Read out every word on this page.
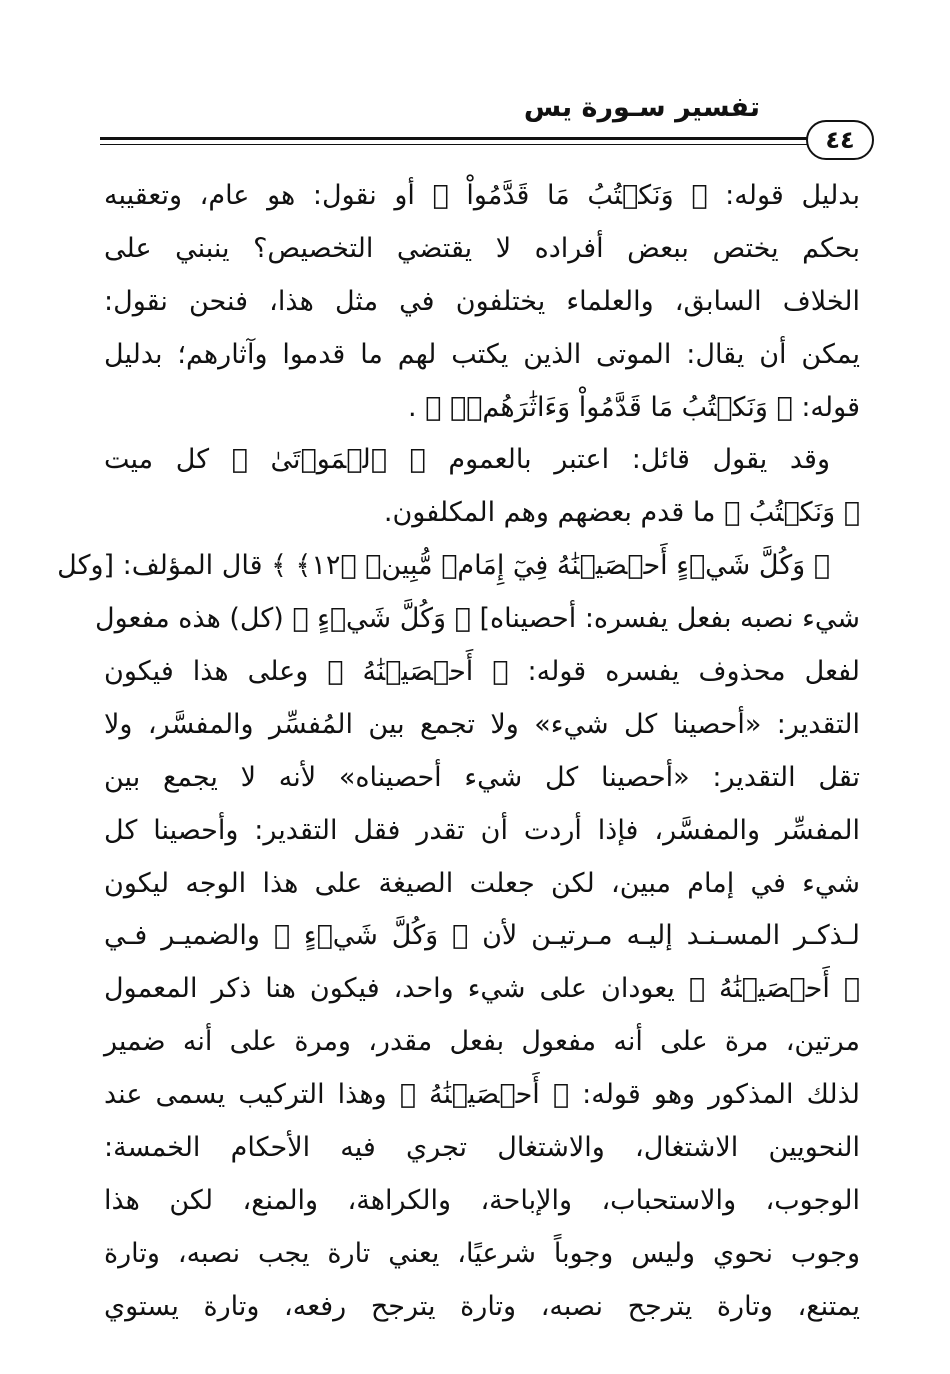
تفسير سـورة يس
٤٤
بدليل قوله: ﴿ وَنَكۡتُبُ مَا قَدَّمُواْ ﴾ أو نقول: هو عام، وتعقيبه
بحكم يختص ببعض أفراده لا يقتضي التخصيص؟ ينبني على
الخلاف السابق، والعلماء يختلفون في مثل هذا، فنحن نقول:
يمكن أن يقال: الموتى الذين يكتب لهم ما قدموا وآثارهم؛ بدليل
قوله: ﴿ وَنَكۡتُبُ مَا قَدَّمُواْ وَءَاثَٰرَهُمۡۚ ﴾ .
وقد يقول قائل: اعتبر بالعموم ﴿ ٱلۡمَوۡتَىٰ ﴾ كل ميت
﴿ وَنَكۡتُبُ ﴾ ما قدم بعضهم وهم المكلفون.
﴿ وَكُلَّ شَيۡءٍ أَحۡصَيۡنَٰهُ فِيٓ إِمَامٖ مُّبِينٖ ﴿١٢﴾ ﴾ قال المؤلف: [وكل
شيء نصبه بفعل يفسره: أحصيناه] ﴿ وَكُلَّ شَيۡءٍ ﴾ (كل) هذه مفعول
لفعل محذوف يفسره قوله: ﴿ أَحۡصَيۡنَٰهُ ﴾ وعلى هذا فيكون
التقدير: «أحصينا كل شيء» ولا تجمع بين المُفسِّر والمفسَّر، ولا
تقل التقدير: «أحصينا كل شيء أحصيناه» لأنه لا يجمع بين
المفسِّر والمفسَّر، فإذا أردت أن تقدر فقل التقدير: وأحصينا كل
شيء في إمام مبين، لكن جعلت الصيغة على هذا الوجه ليكون
لـذكـر المسـنـد إليـه مـرتيـن لأن ﴿ وَكُلَّ شَيۡءٍ ﴾ والضميـر فـي
﴿ أَحۡصَيۡنَٰهُ ﴾ يعودان على شيء واحد، فيكون هنا ذكر المعمول
مرتين، مرة على أنه مفعول بفعل مقدر، ومرة على أنه ضمير
لذلك المذكور وهو قوله: ﴿ أَحۡصَيۡنَٰهُ ﴾ وهذا التركيب يسمى عند
النحويين الاشتغال، والاشتغال تجري فيه الأحكام الخمسة:
الوجوب، والاستحباب، والإباحة، والكراهة، والمنع، لكن هذا
وجوب نحوي وليس وجوباً شرعيًا، يعني تارة يجب نصبه، وتارة
يمتنع، وتارة يترجح نصبه، وتارة يترجح رفعه، وتارة يستوي
